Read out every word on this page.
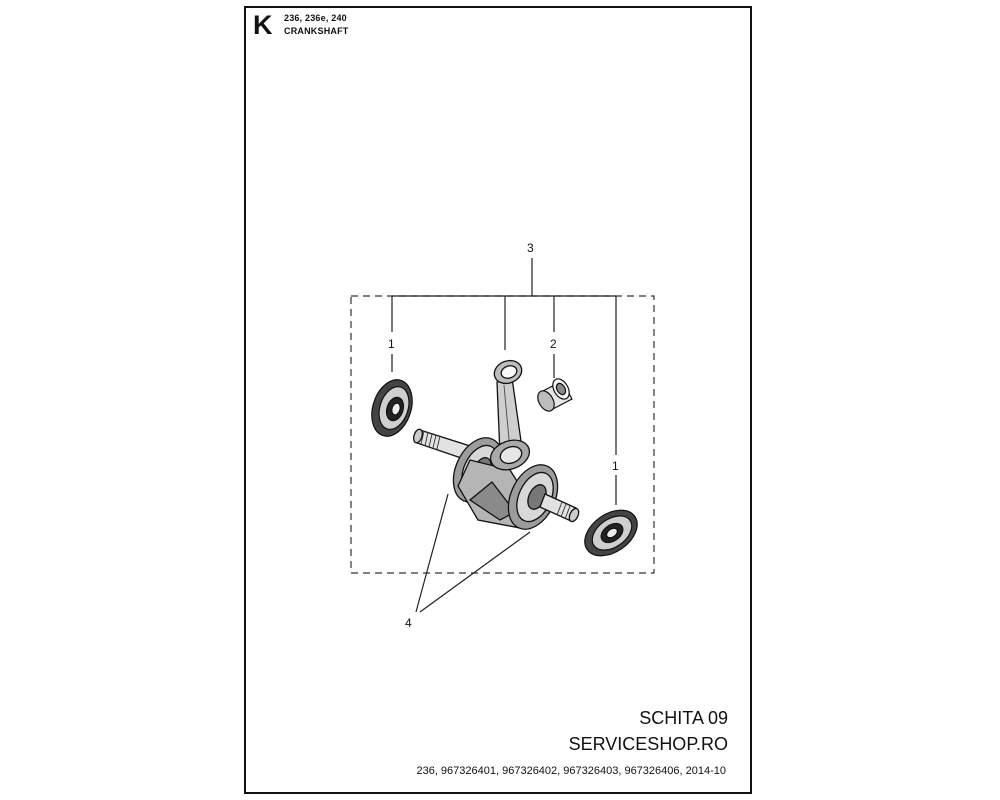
K 236, 236e, 240
CRANKSHAFT
3
1	2
1
4
SCHITA 09
SERVICESHOP.RO
236, 967326401, 967326402, 967326403, 967326406, 2014-10
